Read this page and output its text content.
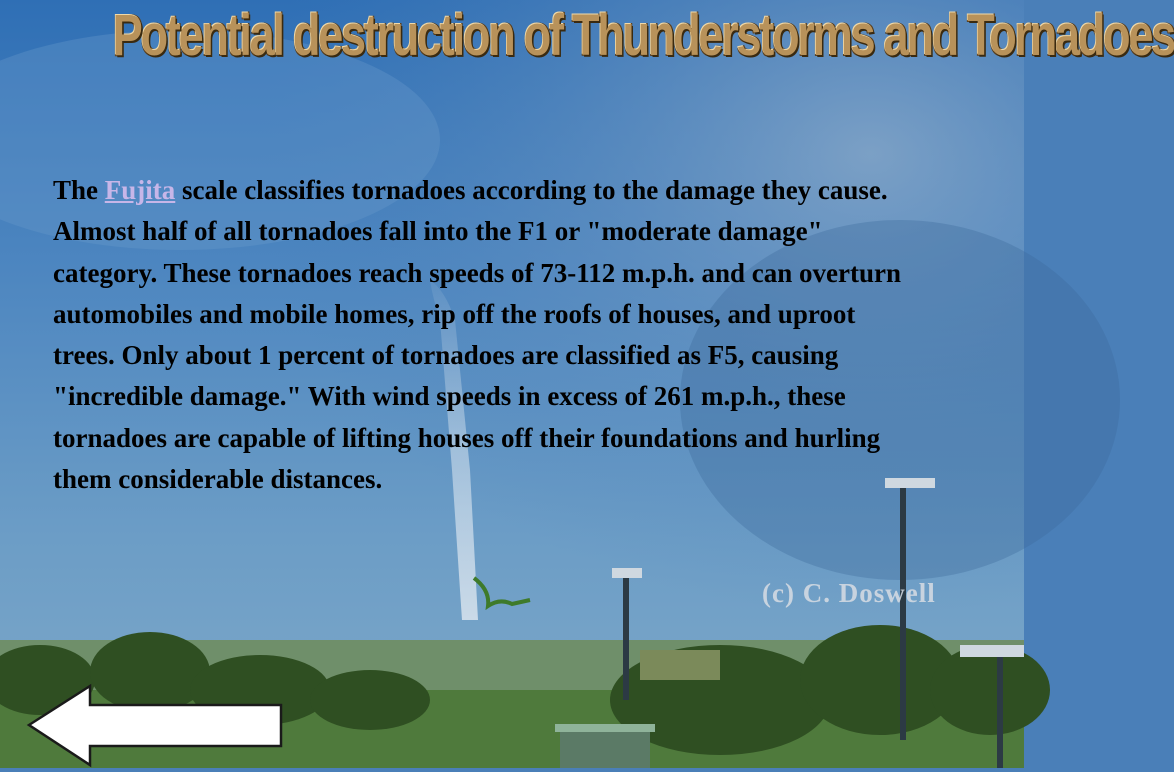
Potential destruction of Thunderstorms and Tornadoes
The Fujita scale classifies tornadoes according to the damage they cause. Almost half of all tornadoes fall into the F1 or "moderate damage" category. These tornadoes reach speeds of 73-112 m.p.h. and can overturn automobiles and mobile homes, rip off the roofs of houses, and uproot trees. Only about 1 percent of tornadoes are classified as F5, causing "incredible damage." With wind speeds in excess of 261 m.p.h., these tornadoes are capable of lifting houses off their foundations and hurling them considerable distances.
(c) C. Doswell
